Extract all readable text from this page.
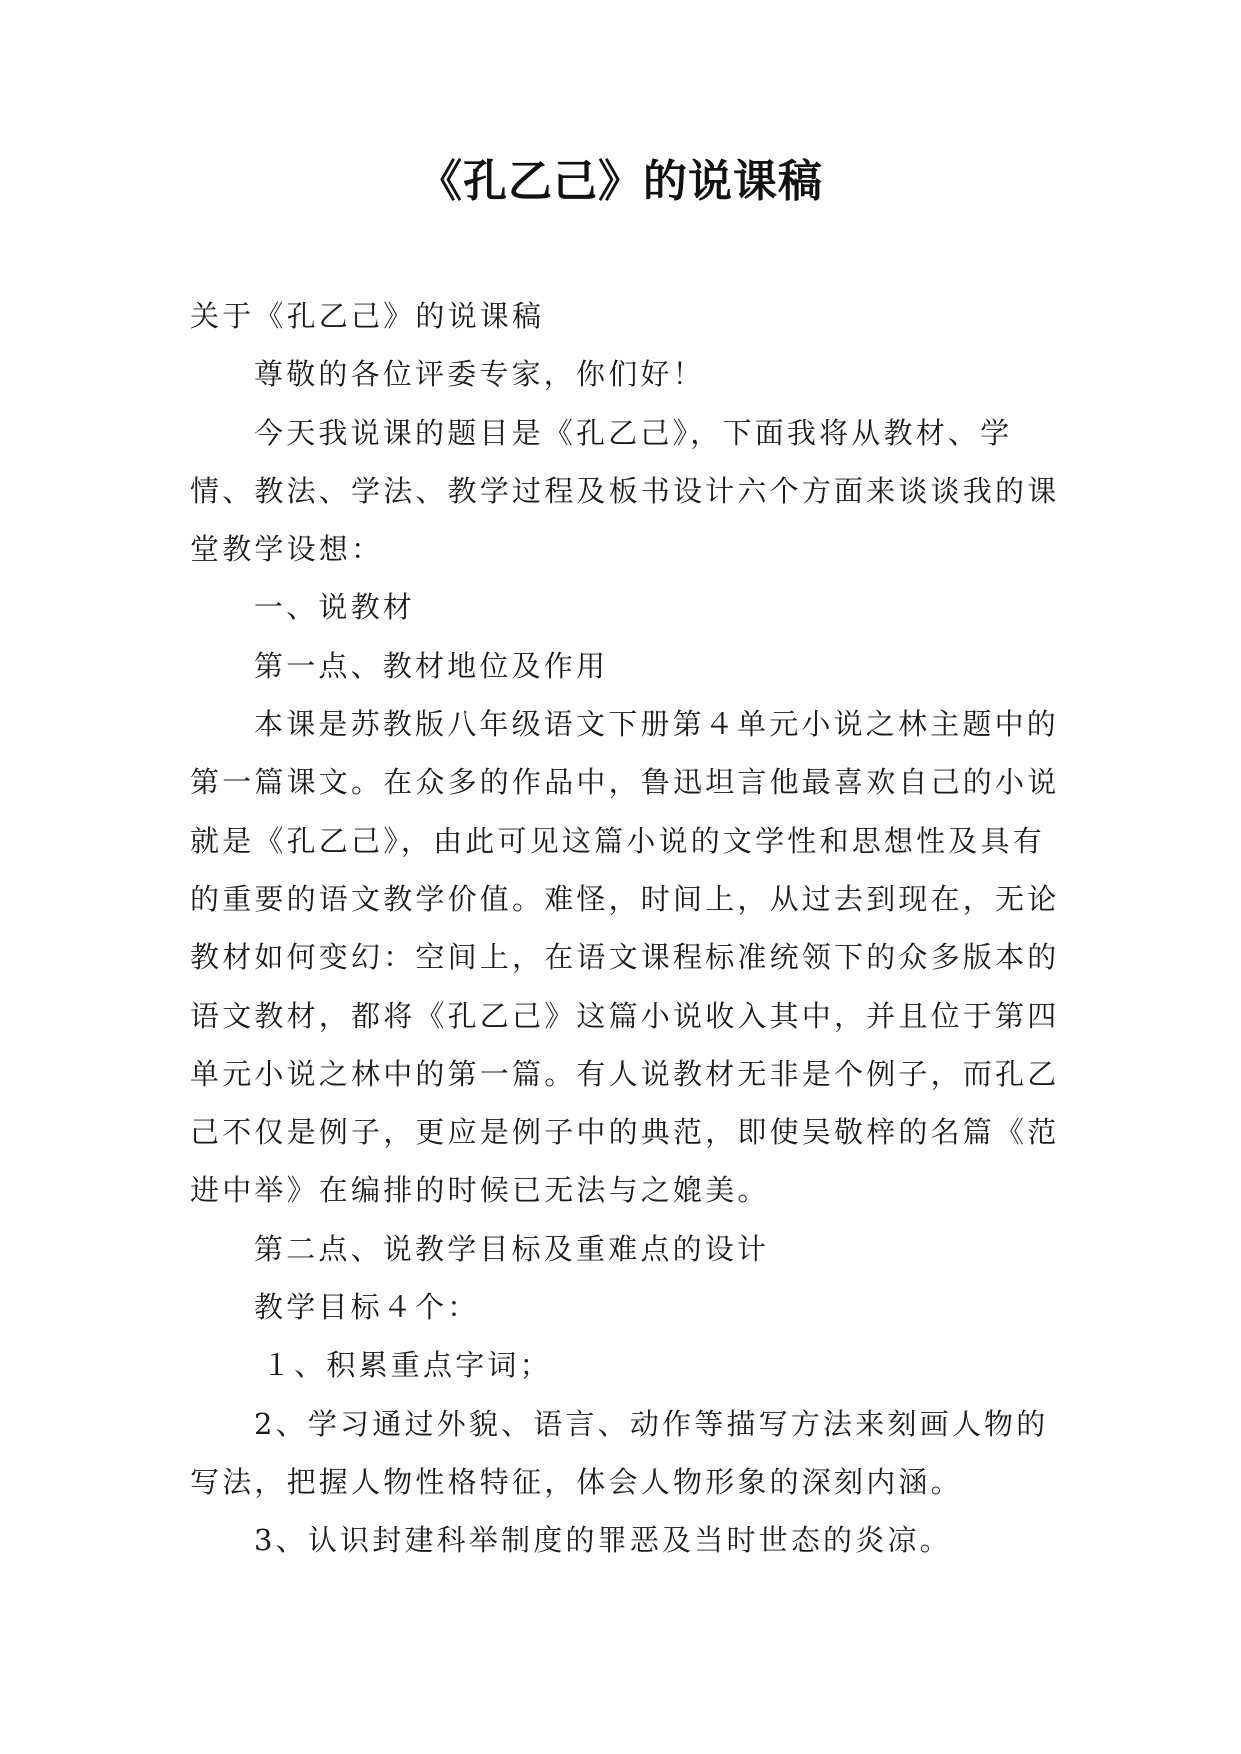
《孔乙己》的说课稿

关于《孔乙己》的说课稿

尊敬的各位评委专家，你们好！

今天我说课的题目是《孔乙己》，下面我将从教材、学情、教法、学法、教学过程及板书设计六个方面来谈谈我的课堂教学设想：

一、说教材

第一点、教材地位及作用

本课是苏教版八年级语文下册第４单元小说之林主题中的第一篇课文。在众多的作品中，鲁迅坦言他最喜欢自己的小说就是《孔乙己》，由此可见这篇小说的文学性和思想性及具有的重要的语文教学价值。难怪，时间上，从过去到现在，无论教材如何变幻：空间上，在语文课程标准统领下的众多版本的语文教材，都将《孔乙己》这篇小说收入其中，并且位于第四单元小说之林中的第一篇。有人说教材无非是个例子，而孔乙己不仅是例子，更应是例子中的典范，即使吴敬梓的名篇《范进中举》在编排的时候已无法与之媲美。

第二点、说教学目标及重难点的设计

教学目标４个：

１、积累重点字词；

2、学习通过外貌、语言、动作等描写方法来刻画人物的写法，把握人物性格特征，体会人物形象的深刻内涵。

3、认识封建科举制度的罪恶及当时世态的炎凉。
